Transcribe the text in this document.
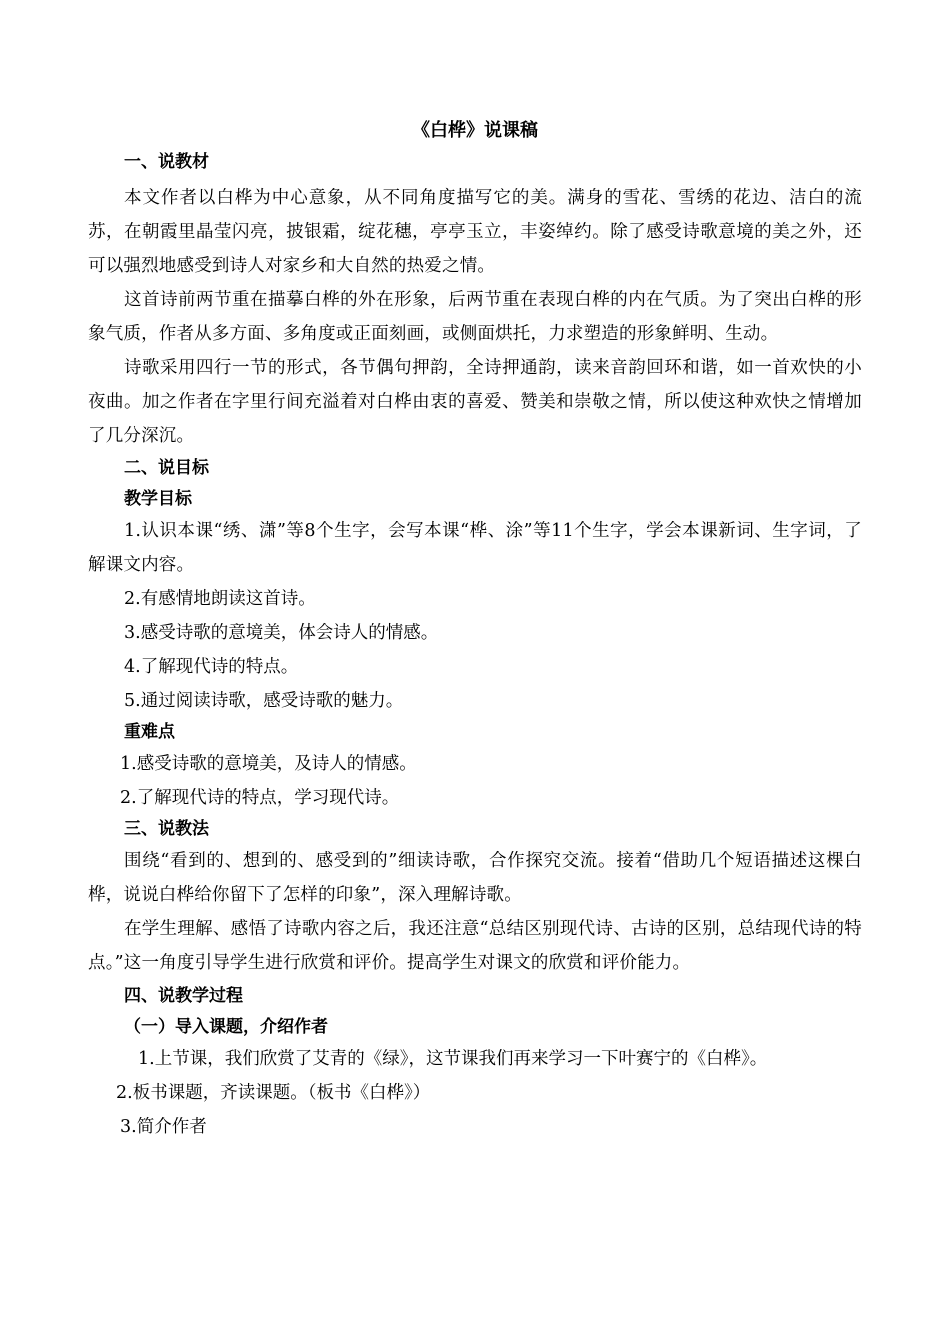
《白桦》说课稿
一、说教材

本文作者以白桦为中心意象，从不同角度描写它的美。满身的雪花、雪绣的花边、洁白的流苏，在朝霞里晶莹闪亮，披银霜，绽花穗，亭亭玉立，丰姿绰约。除了感受诗歌意境的美之外，还可以强烈地感受到诗人对家乡和大自然的热爱之情。

这首诗前两节重在描摹白桦的外在形象，后两节重在表现白桦的内在气质。为了突出白桦的形象气质，作者从多方面、多角度或正面刻画，或侧面烘托，力求塑造的形象鲜明、生动。

诗歌采用四行一节的形式，各节偶句押韵，全诗押通韵，读来音韵回环和谐，如一首欢快的小夜曲。加之作者在字里行间充溢着对白桦由衷的喜爱、赞美和崇敬之情，所以使这种欢快之情增加了几分深沉。

二、说目标
教学目标

1.认识本课“绣、潇”等8个生字，会写本课“桦、涂”等11个生字，学会本课新词、生字词，了解课文内容。

2.有感情地朗读这首诗。

3.感受诗歌的意境美，体会诗人的情感。

4.了解现代诗的特点。

5.通过阅读诗歌，感受诗歌的魅力。

重难点

1.感受诗歌的意境美，及诗人的情感。

2.了解现代诗的特点，学习现代诗。

三、说教法

围绕“看到的、想到的、感受到的”细读诗歌，合作探究交流。接着“借助几个短语描述这棵白桦，说说白桦给你留下了怎样的印象”，深入理解诗歌。

在学生理解、感悟了诗歌内容之后，我还注意“总结区别现代诗、古诗的区别，总结现代诗的特点。”这一角度引导学生进行欣赏和评价。提高学生对课文的欣赏和评价能力。

四、说教学过程
（一）导入课题，介绍作者

1.上节课，我们欣赏了艾青的《绿》，这节课我们再来学习一下叶赛宁的《白桦》。

2.板书课题，齐读课题。（板书《白桦》）

3.简介作者
